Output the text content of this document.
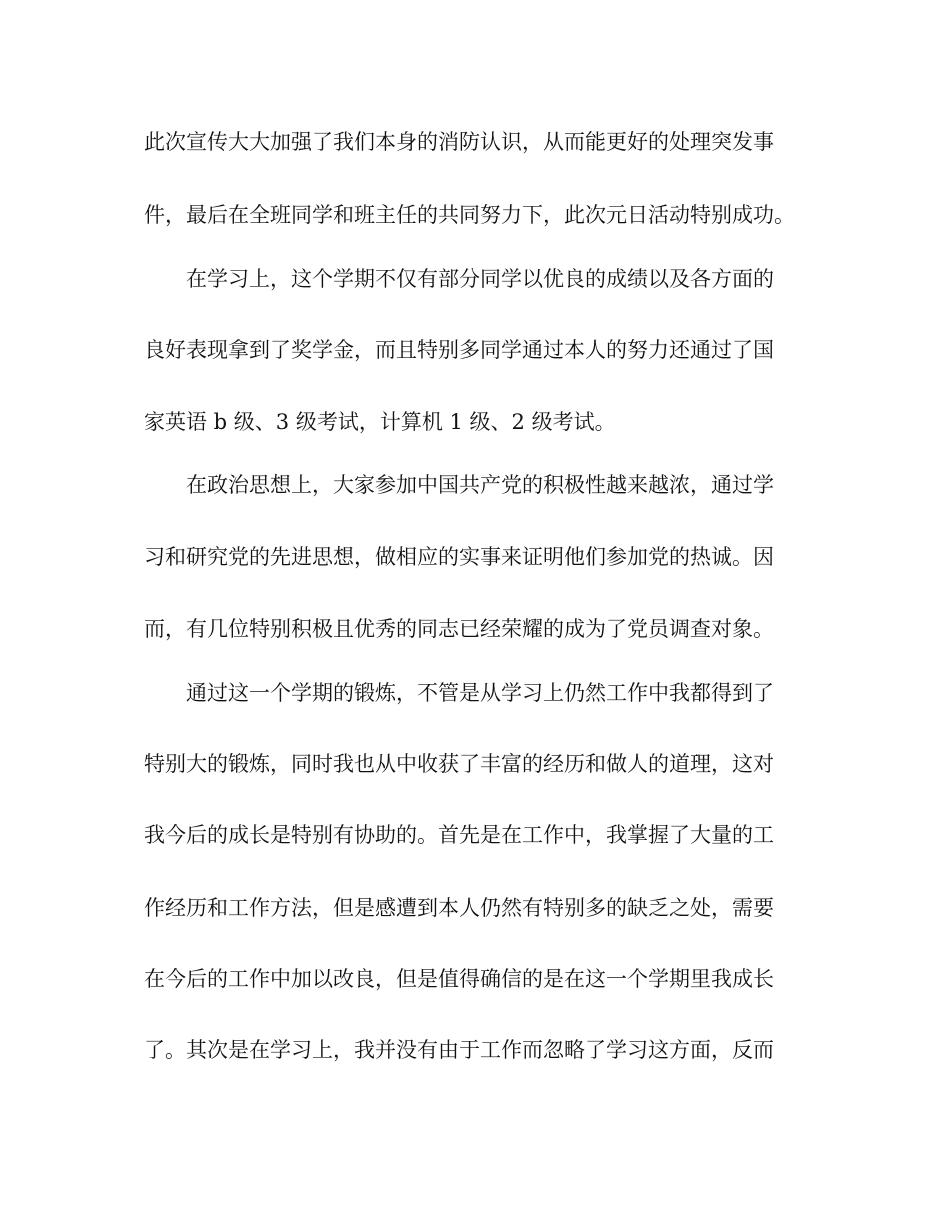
此次宣传大大加强了我们本身的消防认识，从而能更好的处理突发事

件，最后在全班同学和班主任的共同努力下，此次元日活动特别成功。

在学习上，这个学期不仅有部分同学以优良的成绩以及各方面的

良好表现拿到了奖学金，而且特别多同学通过本人的努力还通过了国

家英语 b 级、3 级考试，计算机 1 级、2 级考试。

在政治思想上，大家参加中国共产党的积极性越来越浓，通过学

习和研究党的先进思想，做相应的实事来证明他们参加党的热诚。因

而，有几位特别积极且优秀的同志已经荣耀的成为了党员调查对象。

通过这一个学期的锻炼，不管是从学习上仍然工作中我都得到了

特别大的锻炼，同时我也从中收获了丰富的经历和做人的道理，这对

我今后的成长是特别有协助的。首先是在工作中，我掌握了大量的工

作经历和工作方法，但是感遭到本人仍然有特别多的缺乏之处，需要

在今后的工作中加以改良，但是值得确信的是在这一个学期里我成长

了。其次是在学习上，我并没有由于工作而忽略了学习这方面，反而
